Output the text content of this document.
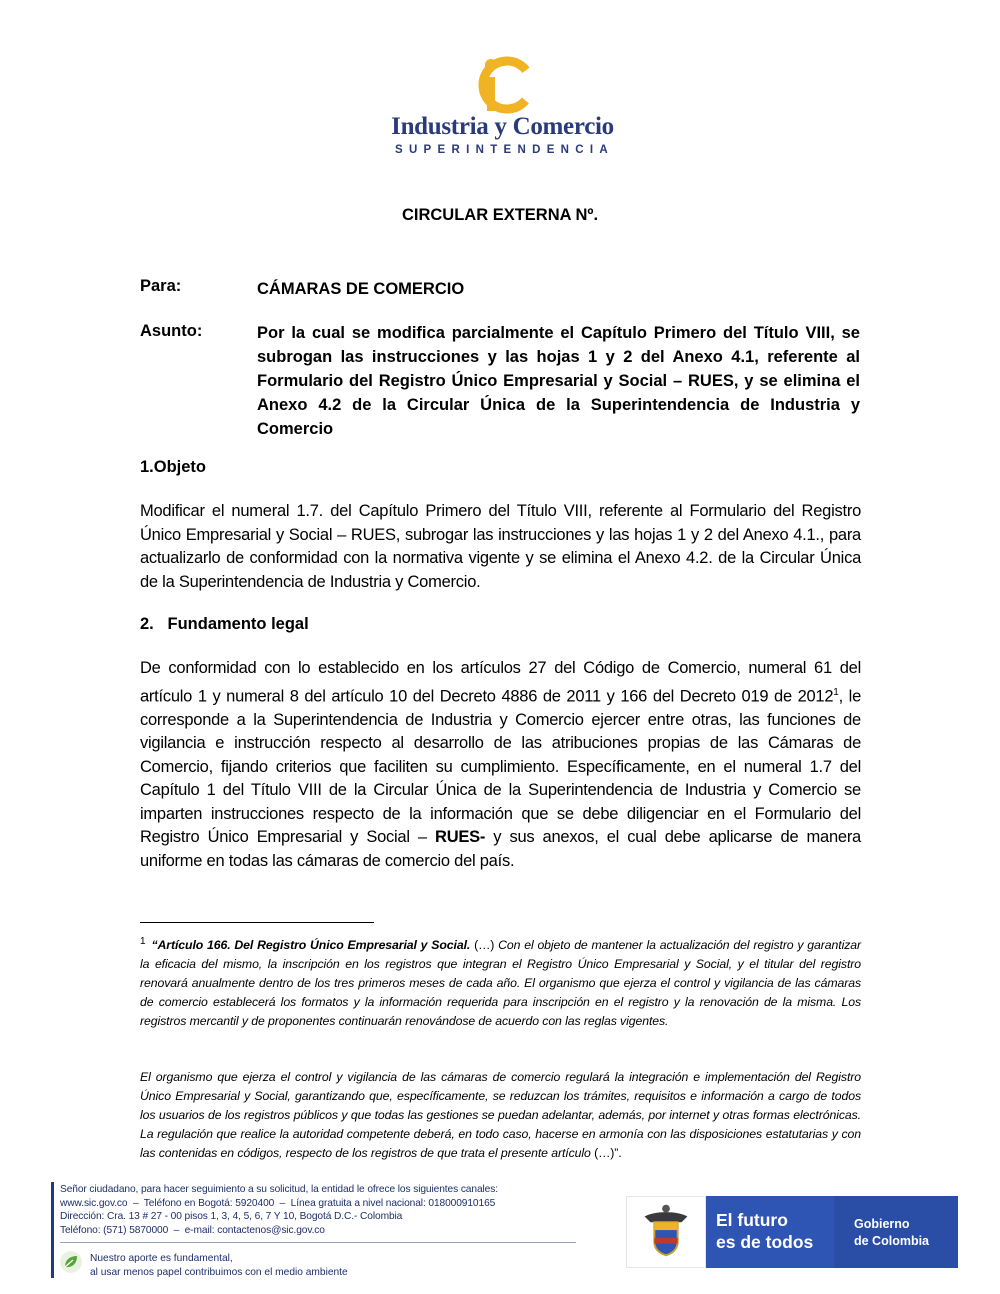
Industria y Comercio
SUPERINTENDENCIA
CIRCULAR EXTERNA Nº.
Para:	CÁMARAS DE COMERCIO
Asunto:	Por la cual se modifica parcialmente el Capítulo Primero del Título VIII, se subrogan las instrucciones y las hojas 1 y 2 del Anexo 4.1, referente al Formulario del Registro Único Empresarial y Social – RUES, y se elimina el Anexo 4.2 de la Circular Única de la Superintendencia de Industria y Comercio
1.Objeto
Modificar el numeral 1.7. del Capítulo Primero del Título VIII, referente al Formulario del Registro Único Empresarial y Social – RUES, subrogar las instrucciones y las hojas 1 y 2 del Anexo 4.1., para actualizarlo de conformidad con la normativa vigente y se elimina el Anexo 4.2. de la Circular Única de la Superintendencia de Industria y Comercio.
2.   Fundamento legal
De conformidad con lo establecido en los artículos 27 del Código de Comercio, numeral 61 del artículo 1 y numeral 8 del artículo 10 del Decreto 4886 de 2011 y 166 del Decreto 019 de 2012$^1$, le corresponde a la Superintendencia de Industria y Comercio ejercer entre otras, las funciones de vigilancia e instrucción respecto al desarrollo de las atribuciones propias de las Cámaras de Comercio, fijando criterios que faciliten su cumplimiento. Específicamente, en el numeral 1.7 del Capítulo 1 del Título VIII de la Circular Única de la Superintendencia de Industria y Comercio se imparten instrucciones respecto de la información que se debe diligenciar en el Formulario del Registro Único Empresarial y Social – RUES- y sus anexos, el cual debe aplicarse de manera uniforme en todas las cámaras de comercio del país.
$^1$ “Artículo 166. Del Registro Único Empresarial y Social. (…) Con el objeto de mantener la actualización del registro y garantizar la eficacia del mismo, la inscripción en los registros que integran el Registro Único Empresarial y Social, y el titular del registro renovará anualmente dentro de los tres primeros meses de cada año. El organismo que ejerza el control y vigilancia de las cámaras de comercio establecerá los formatos y la información requerida para inscripción en el registro y la renovación de la misma. Los registros mercantil y de proponentes continuarán renovándose de acuerdo con las reglas vigentes.
El organismo que ejerza el control y vigilancia de las cámaras de comercio regulará la integración e implementación del Registro Único Empresarial y Social, garantizando que, específicamente, se reduzcan los trámites, requisitos e información a cargo de todos los usuarios de los registros públicos y que todas las gestiones se puedan adelantar, además, por internet y otras formas electrónicas. La regulación que realice la autoridad competente deberá, en todo caso, hacerse en armonía con las disposiciones estatutarias y con las contenidas en códigos, respecto de los registros de que trata el presente artículo (…)”.
Señor ciudadano, para hacer seguimiento a su solicitud, la entidad le ofrece los siguientes canales:
www.sic.gov.co  –  Teléfono en Bogotá: 5920400  –  Línea gratuita a nivel nacional: 018000910165
Dirección: Cra. 13 # 27 - 00 pisos 1, 3, 4, 5, 6, 7 Y 10, Bogotá D.C.- Colombia
Teléfono: (571) 5870000  –  e-mail: contactenos@sic.gov.co
Nuestro aporte es fundamental,
al usar menos papel contribuimos con el medio ambiente
El futuro
es de todos
Gobierno
de Colombia
